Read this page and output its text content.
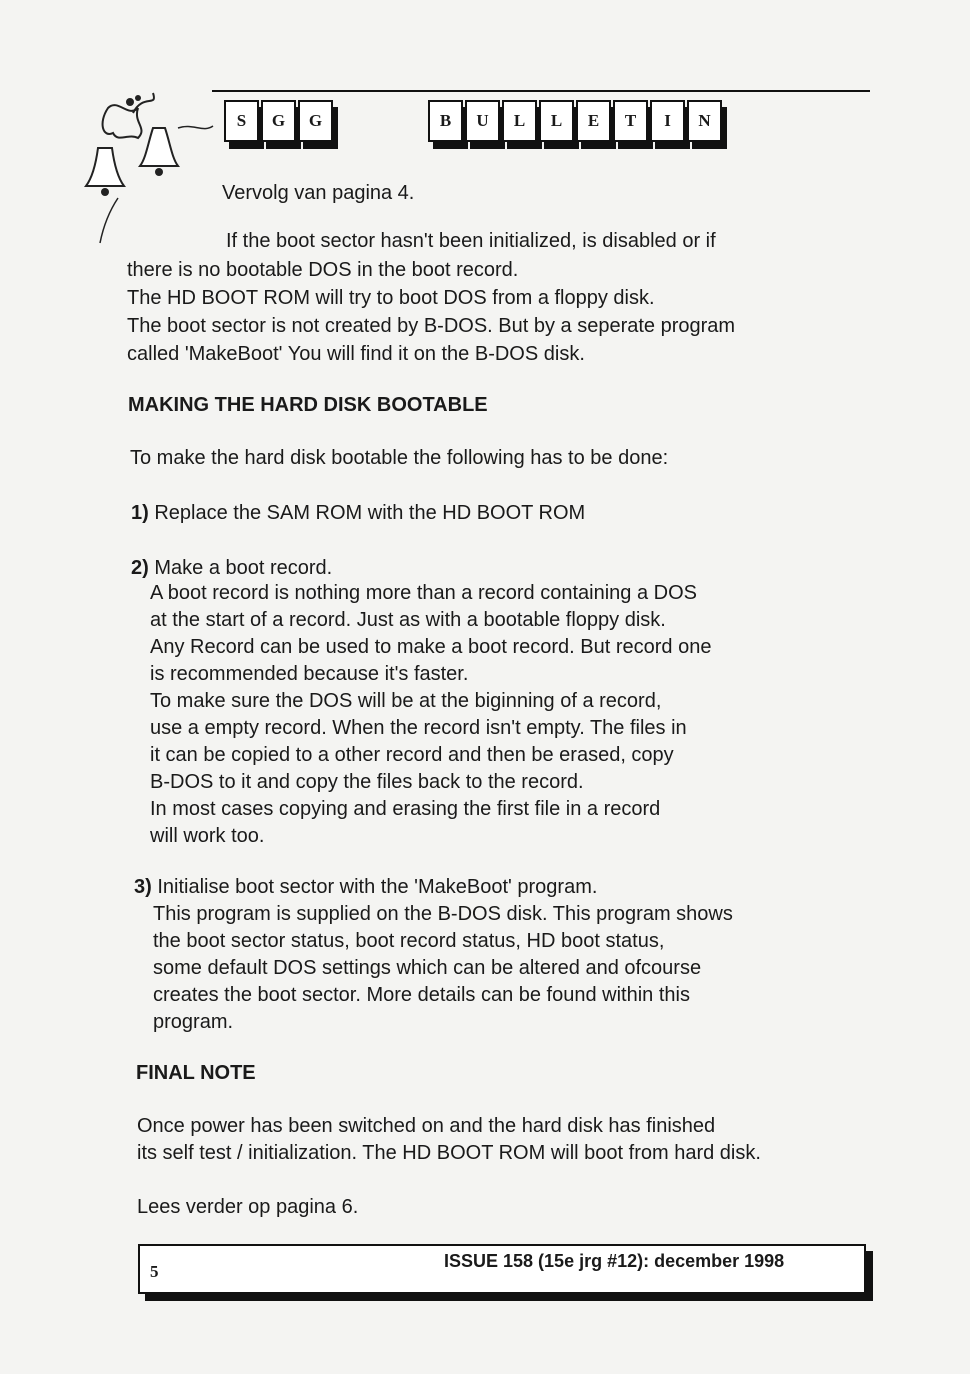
S	G	G	B	U	L	L	E	T	I	N
Vervolg van pagina 4.
If the boot sector hasn't been initialized, is disabled or if
there is no bootable DOS in the boot record.
The HD BOOT ROM will try to boot DOS from a floppy disk.
The boot sector is not created by B-DOS. But by a seperate program
called 'MakeBoot' You will find it on the B-DOS disk.
MAKING THE HARD DISK BOOTABLE
To make the hard disk bootable the following has to be done:
1) Replace the SAM ROM with the HD BOOT ROM
2) Make a boot record.
A boot record is nothing more than a record containing a DOS
at the start of a record. Just as with a bootable floppy disk.
Any Record can be used to make a boot record. But record one
is recommended because it's faster.
To make sure the DOS will be at the biginning of a record,
use a empty record. When the record isn't empty. The files in
it can be copied to a other record and then be erased, copy
B-DOS to it and copy the files back to the record.
In most cases copying and erasing the first file in a record
will work too.
3) Initialise boot sector with the 'MakeBoot' program.
This program is supplied on the B-DOS disk. This program shows
the boot sector status, boot record status, HD boot status,
some default DOS settings which can be altered and ofcourse
creates the boot sector. More details can be found within this
program.
FINAL NOTE
Once power has been switched on and the hard disk has finished
its self test / initialization. The HD BOOT ROM will boot from hard disk.
Lees verder op pagina 6.
5
ISSUE 158 (15e jrg #12): december 1998
